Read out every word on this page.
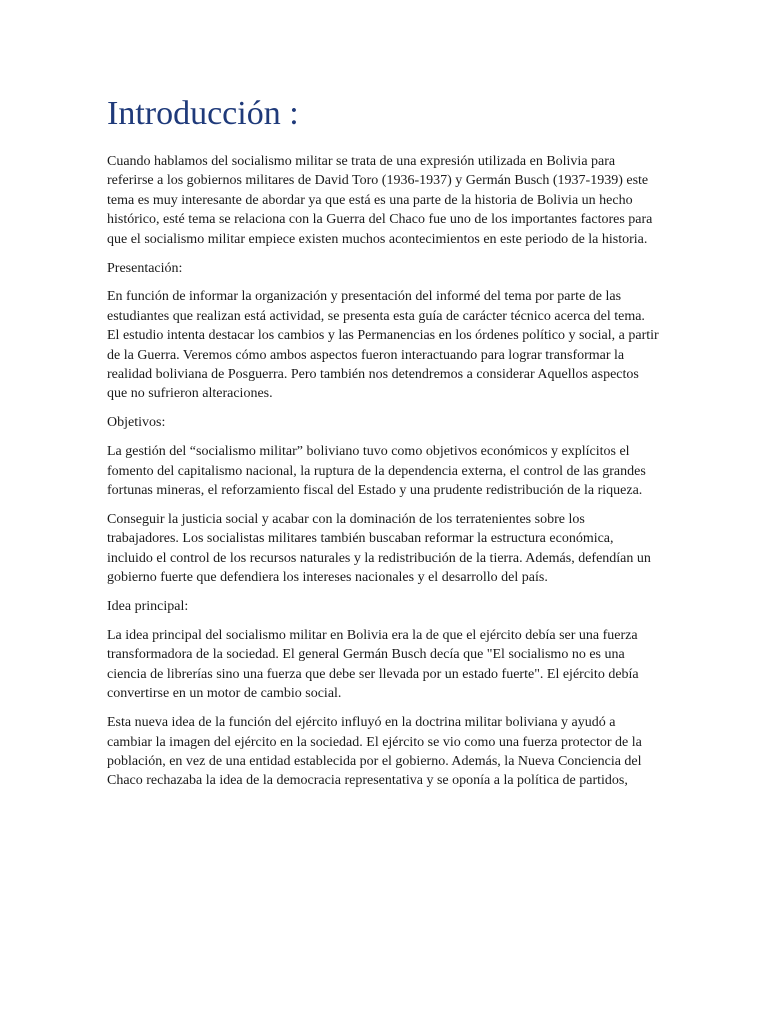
Introducción :

Cuando hablamos del socialismo militar se trata de una expresión utilizada en Bolivia para referirse a los gobiernos militares de David Toro (1936-1937) y Germán Busch (1937-1939) este tema es muy interesante de abordar ya que está es una parte de la historia de Bolivia un hecho histórico, esté tema se relaciona con la Guerra del Chaco fue uno de los importantes factores para que el socialismo militar empiece existen muchos acontecimientos en este periodo de la historia.

Presentación:

En función de informar la organización y presentación del informé del tema por parte de las estudiantes que realizan está actividad, se presenta esta guía de carácter técnico acerca del tema. El estudio intenta destacar los cambios y las Permanencias en los órdenes político y social, a partir de la Guerra. Veremos cómo ambos aspectos fueron interactuando para lograr transformar la realidad boliviana de Posguerra. Pero también nos detendremos a considerar Aquellos aspectos que no sufrieron alteraciones.

Objetivos:

La gestión del “socialismo militar” boliviano tuvo como objetivos económicos y explícitos el fomento del capitalismo nacional, la ruptura de la dependencia externa, el control de las grandes fortunas mineras, el reforzamiento fiscal del Estado y una prudente redistribución de la riqueza.

Conseguir la justicia social y acabar con la dominación de los terratenientes sobre los trabajadores. Los socialistas militares también buscaban reformar la estructura económica, incluido el control de los recursos naturales y la redistribución de la tierra. Además, defendían un gobierno fuerte que defendiera los intereses nacionales y el desarrollo del país.

Idea principal:

La idea principal del socialismo militar en Bolivia era la de que el ejército debía ser una fuerza transformadora de la sociedad. El general Germán Busch decía que "El socialismo no es una ciencia de librerías sino una fuerza que debe ser llevada por un estado fuerte". El ejército debía convertirse en un motor de cambio social.

Esta nueva idea de la función del ejército influyó en la doctrina militar boliviana y ayudó a cambiar la imagen del ejército en la sociedad. El ejército se vio como una fuerza protector de la población, en vez de una entidad establecida por el gobierno. Además, la Nueva Conciencia del Chaco rechazaba la idea de la democracia representativa y se oponía a la política de partidos,
